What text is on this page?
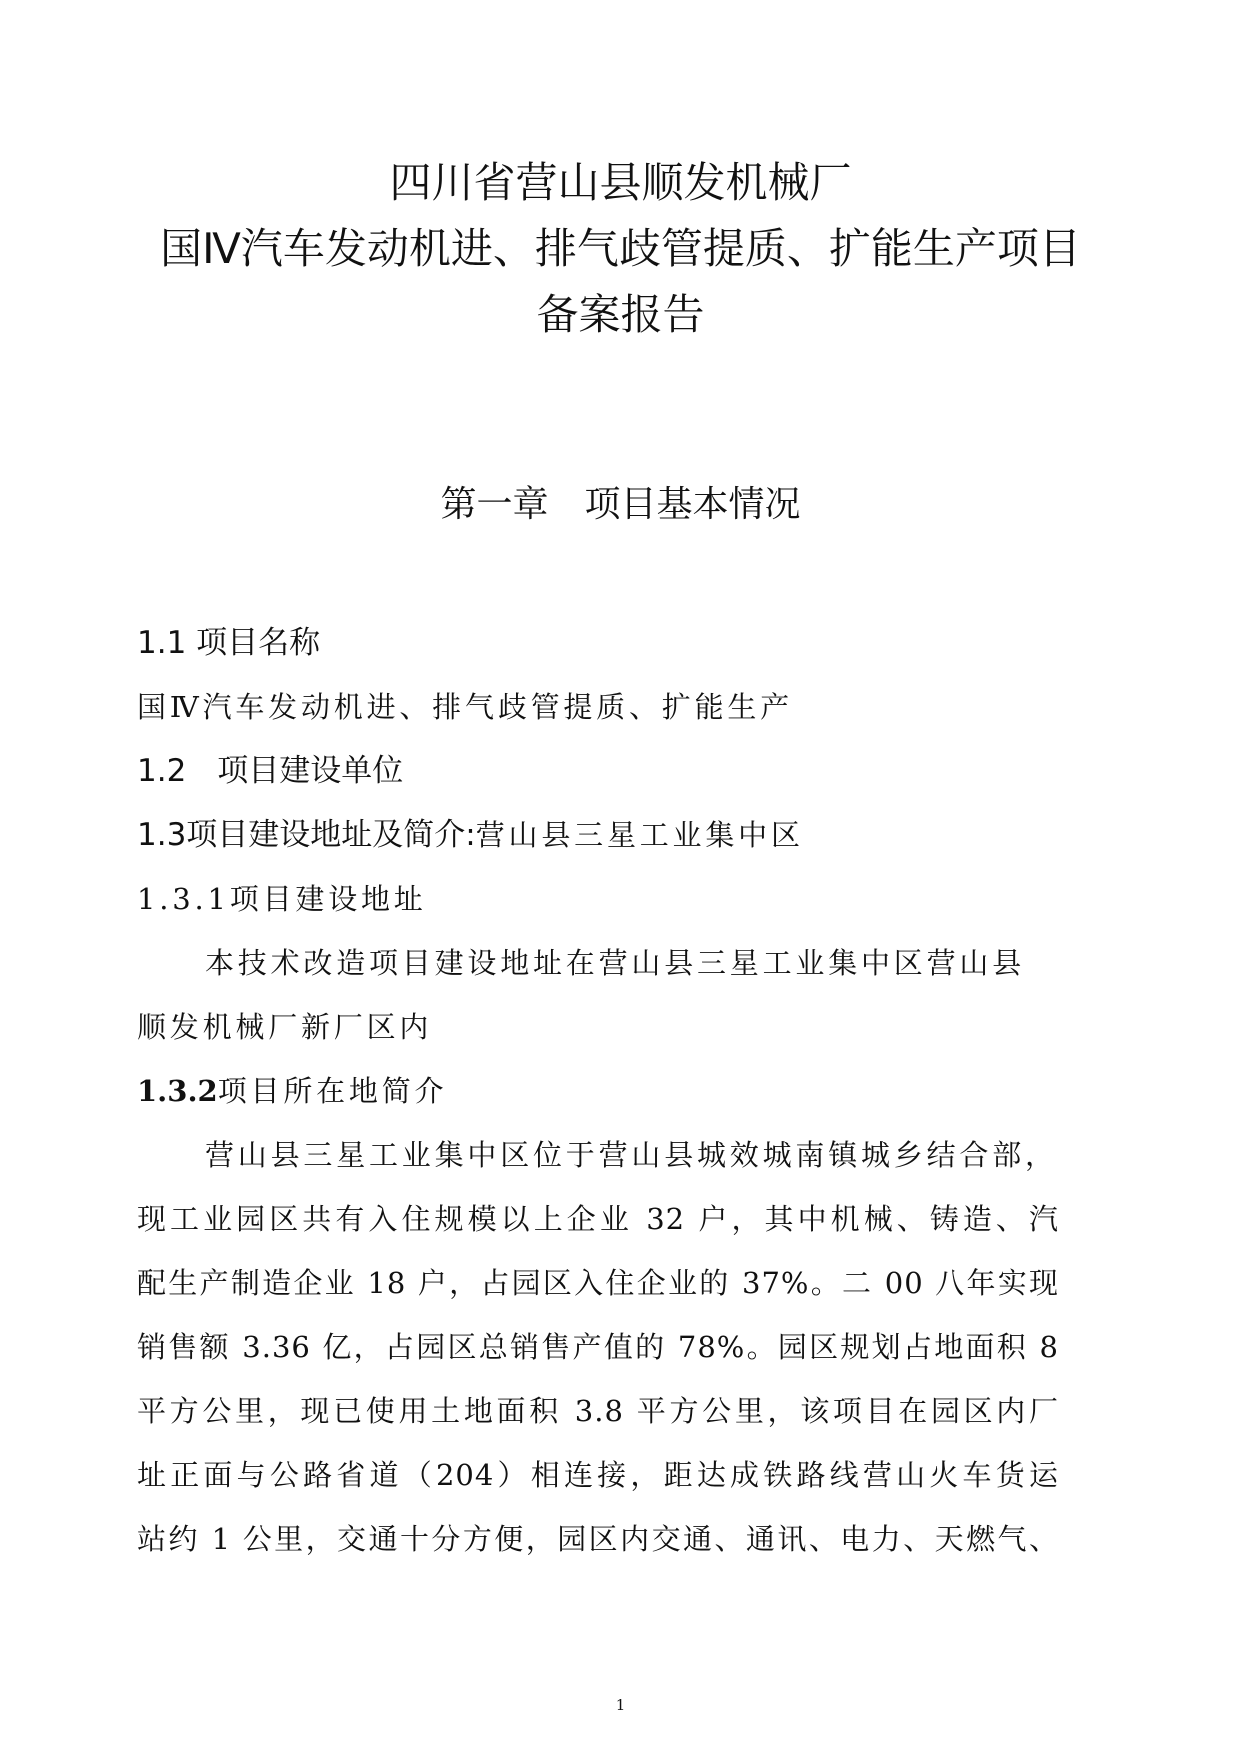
四川省营山县顺发机械厂
国Ⅳ汽车发动机进、排气歧管提质、扩能生产项目
备案报告
第一章　项目基本情况
1.1 项目名称
国Ⅳ汽车发动机进、排气歧管提质、扩能生产
1.2　项目建设单位
1.3项目建设地址及简介:营山县三星工业集中区
1.3.1项目建设地址
本技术改造项目建设地址在营山县三星工业集中区营山县
顺发机械厂新厂区内
1.3.2项目所在地简介
营山县三星工业集中区位于营山县城效城南镇城乡结合部，
现工业园区共有入住规模以上企业 32 户，其中机械、铸造、汽
配生产制造企业 18 户，占园区入住企业的 37%。二 00 八年实现
销售额 3.36 亿，占园区总销售产值的 78%。园区规划占地面积 8
平方公里，现已使用土地面积 3.8 平方公里，该项目在园区内厂
址正面与公路省道（204）相连接，距达成铁路线营山火车货运
站约 1 公里，交通十分方便，园区内交通、通讯、电力、天燃气、
1
